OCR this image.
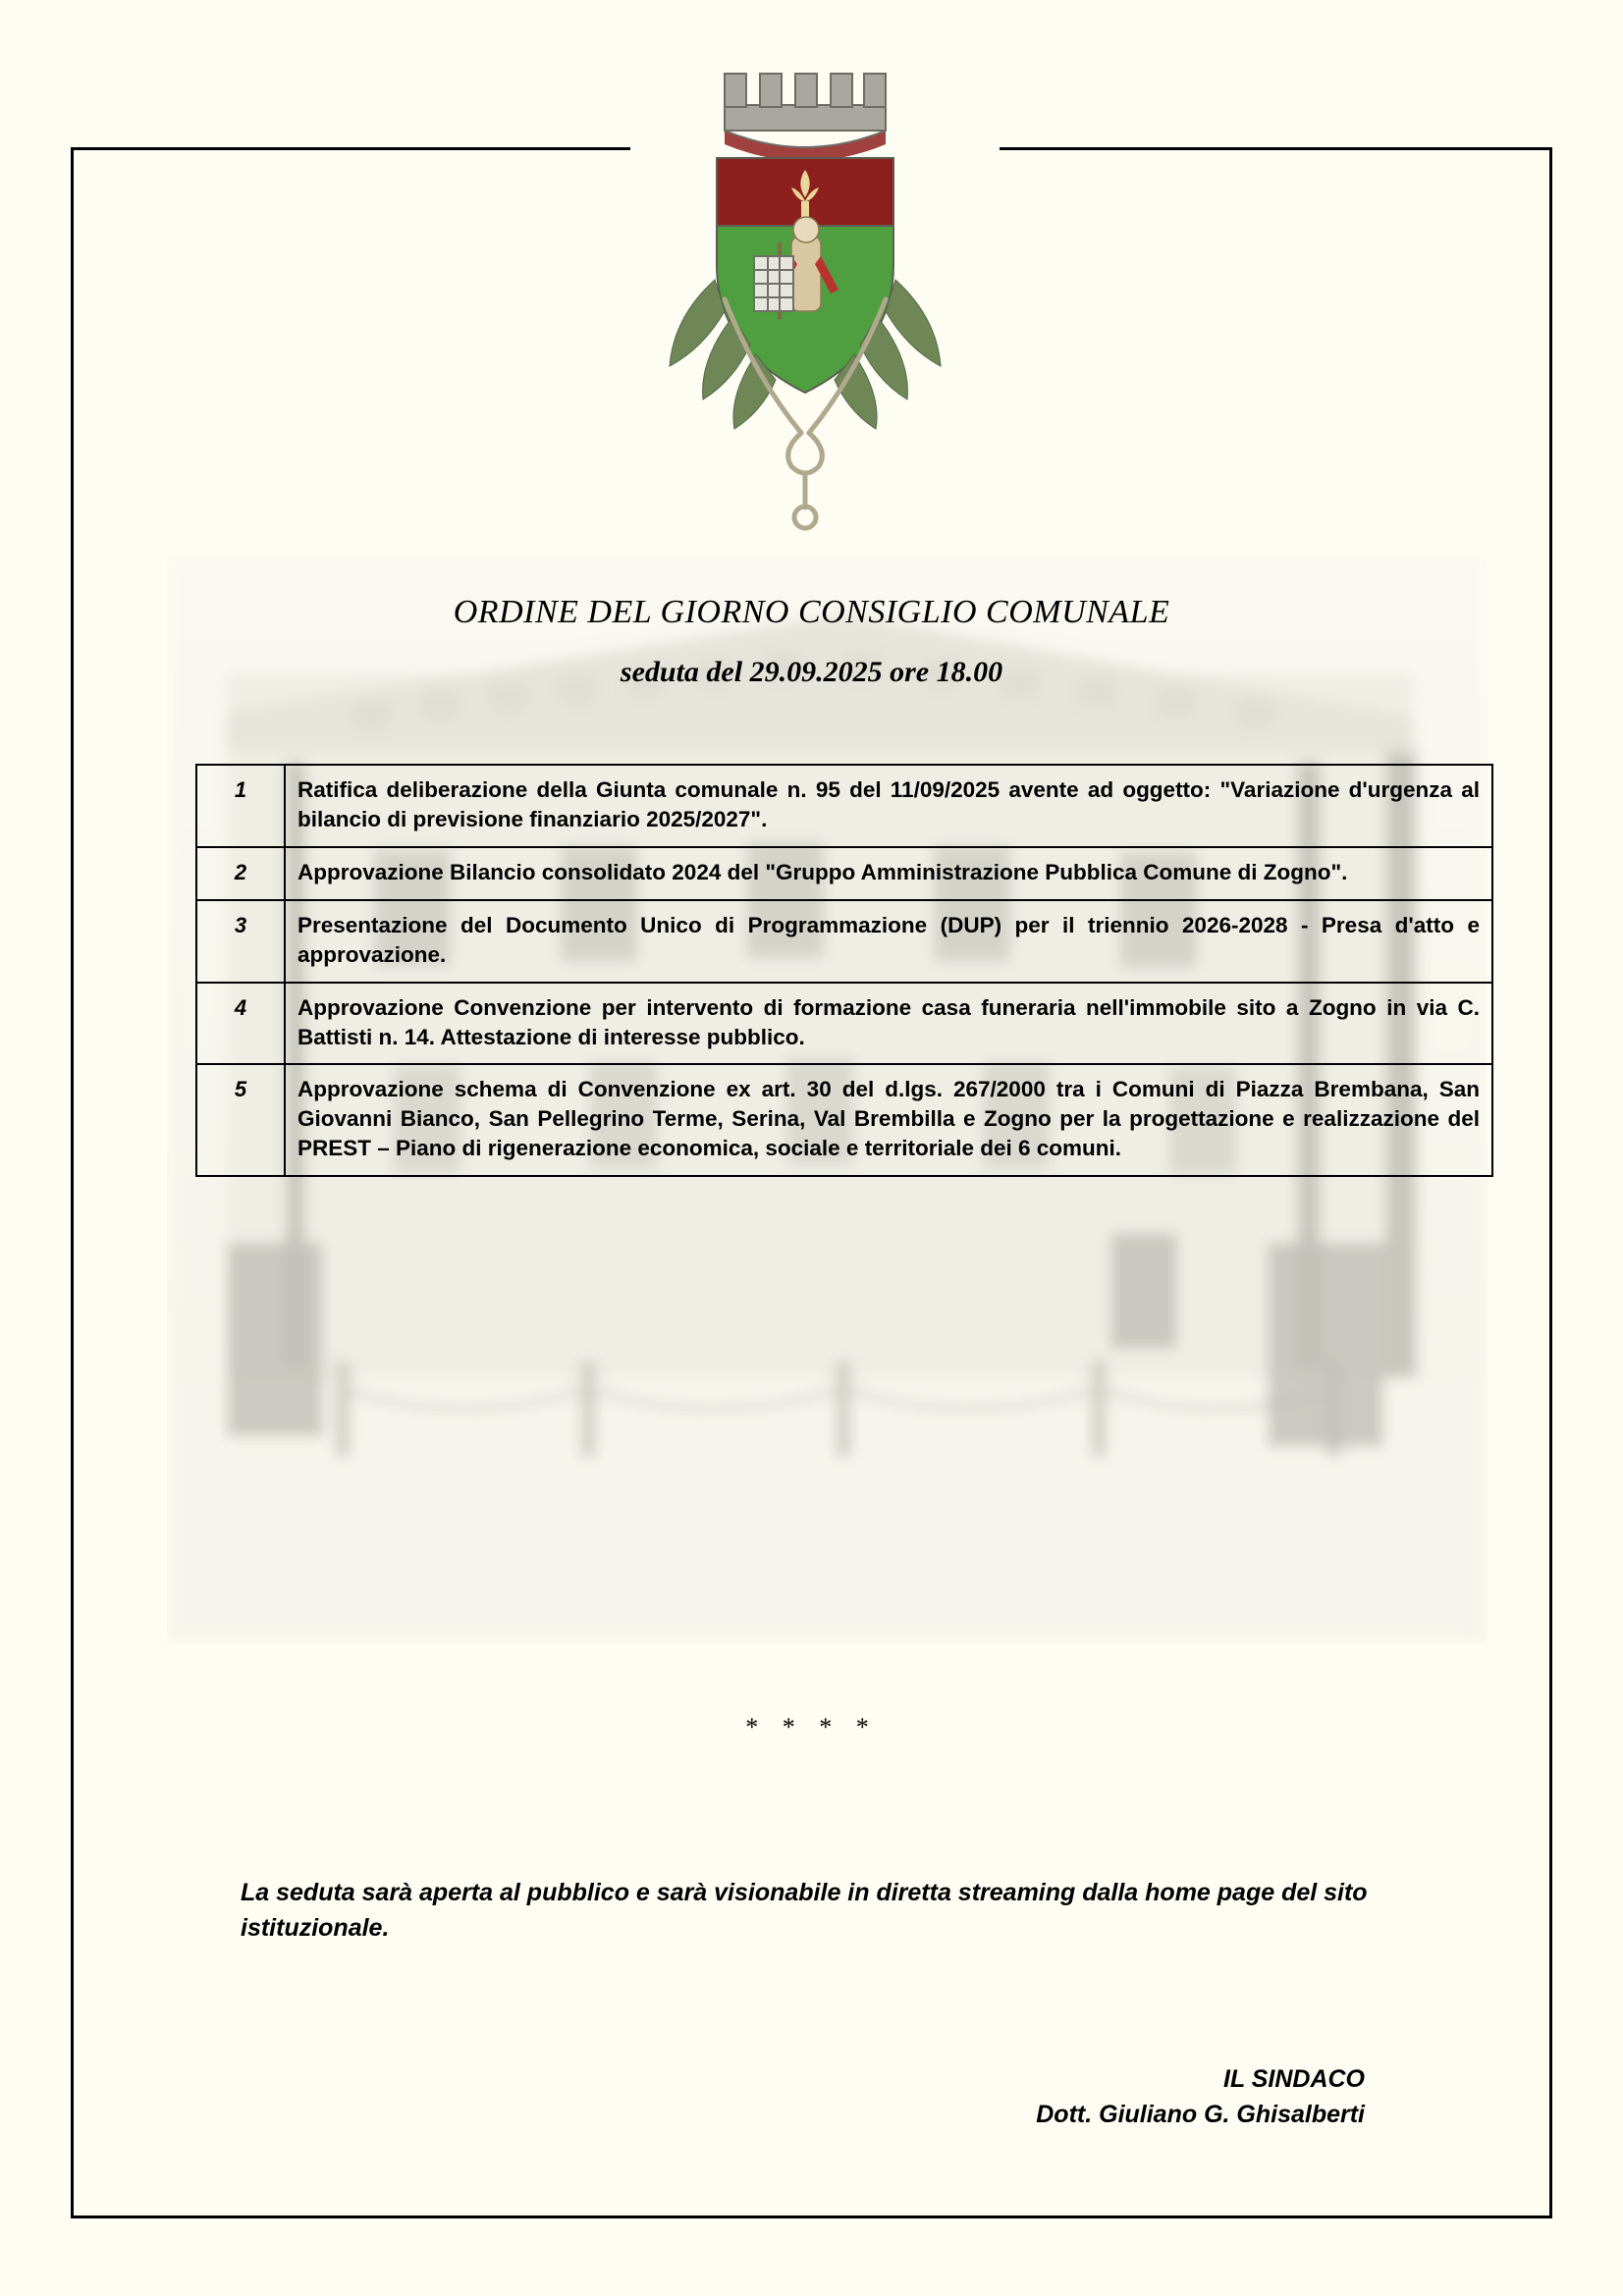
ORDINE DEL GIORNO CONSIGLIO COMUNALE
seduta del 29.09.2025 ore 18.00
1	Ratifica deliberazione della Giunta comunale n. 95 del 11/09/2025 avente ad oggetto: "Variazione d'urgenza al bilancio di previsione finanziario 2025/2027".
2	Approvazione Bilancio consolidato 2024 del "Gruppo Amministrazione Pubblica Comune di Zogno".
3	Presentazione del Documento Unico di Programmazione (DUP) per il triennio 2026-2028 - Presa d'atto e approvazione.
4	Approvazione Convenzione per intervento di formazione casa funeraria nell'immobile sito a Zogno in via C. Battisti n. 14. Attestazione di interesse pubblico.
5	Approvazione schema di Convenzione ex art. 30 del d.lgs. 267/2000 tra i Comuni di Piazza Brembana, San Giovanni Bianco, San Pellegrino Terme, Serina, Val Brembilla e Zogno per la progettazione e realizzazione del PREST – Piano di rigenerazione economica, sociale e territoriale dei 6 comuni.
* * * *
La seduta sarà aperta al pubblico e sarà visionabile in diretta streaming dalla home page del sito istituzionale.
IL SINDACO
Dott. Giuliano G. Ghisalberti
